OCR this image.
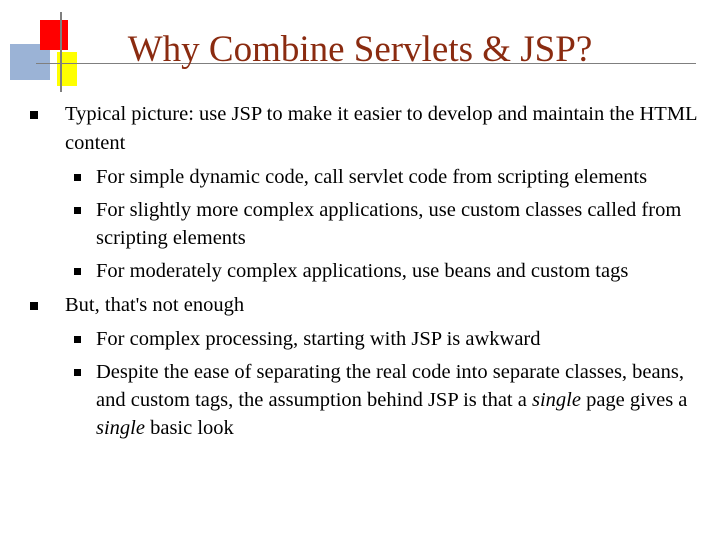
Why Combine Servlets & JSP?
Typical picture: use JSP to make it easier to develop and maintain the HTML content
For simple dynamic code, call servlet code from scripting elements
For slightly more complex applications, use custom classes called from scripting elements
For moderately complex applications, use beans and custom tags
But, that's not enough
For complex processing, starting with JSP is awkward
Despite the ease of separating the real code into separate classes, beans, and custom tags, the assumption behind JSP is that a single page gives a single basic look
